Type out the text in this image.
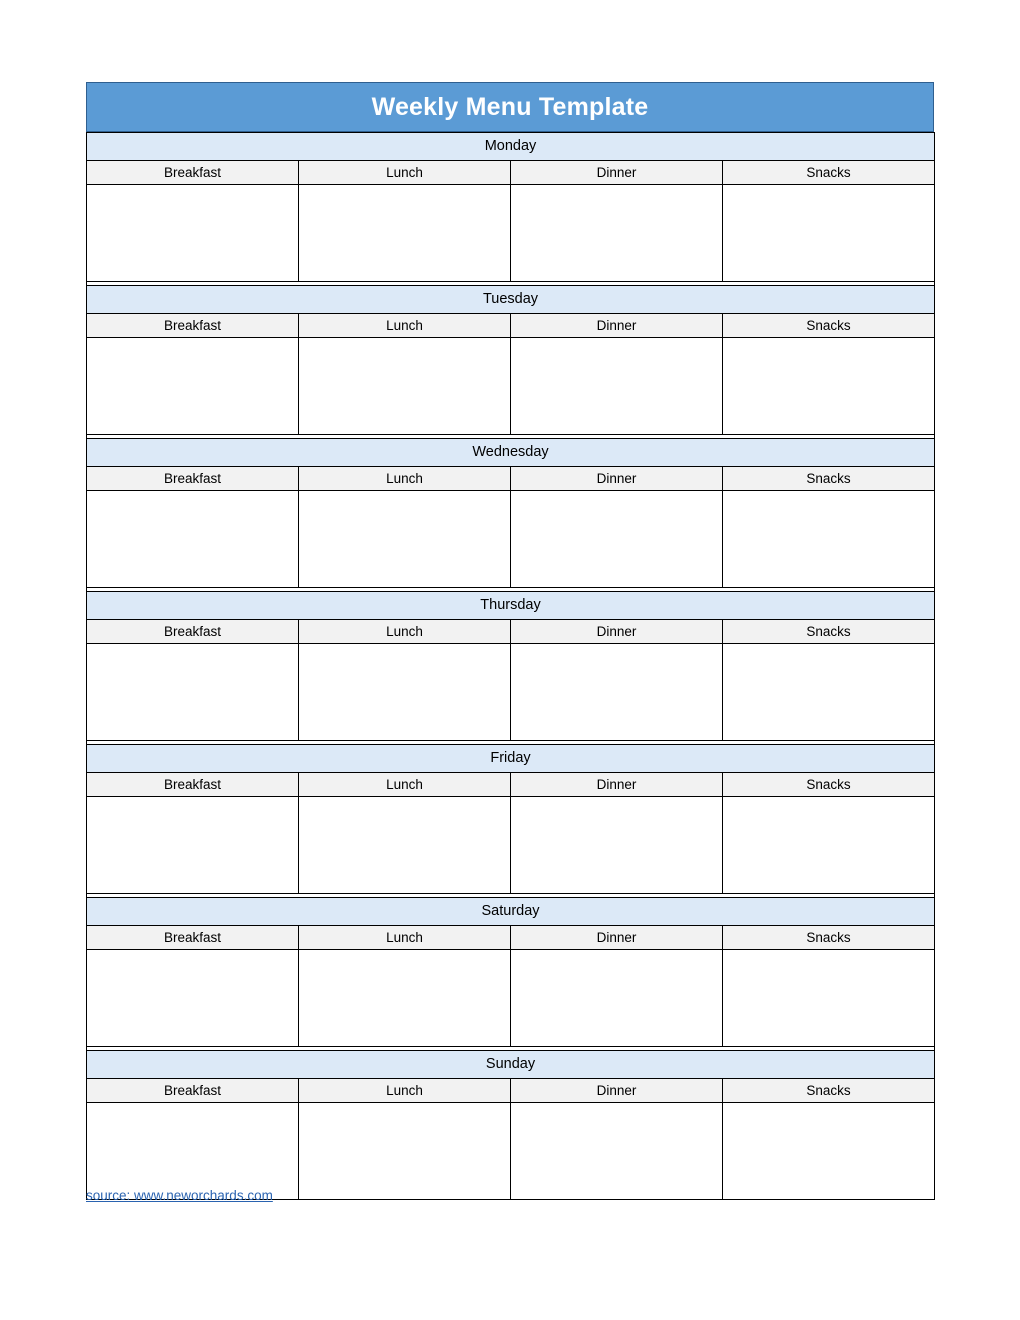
Weekly Menu Template
Monday			
Breakfast	Lunch	Dinner	Snacks

Tuesday			
Breakfast	Lunch	Dinner	Snacks

Wednesday			
Breakfast	Lunch	Dinner	Snacks

Thursday			
Breakfast	Lunch	Dinner	Snacks

Friday			
Breakfast	Lunch	Dinner	Snacks

Saturday			
Breakfast	Lunch	Dinner	Snacks

Sunday			
Breakfast	Lunch	Dinner	Snacks

source: www.neworchards.com
